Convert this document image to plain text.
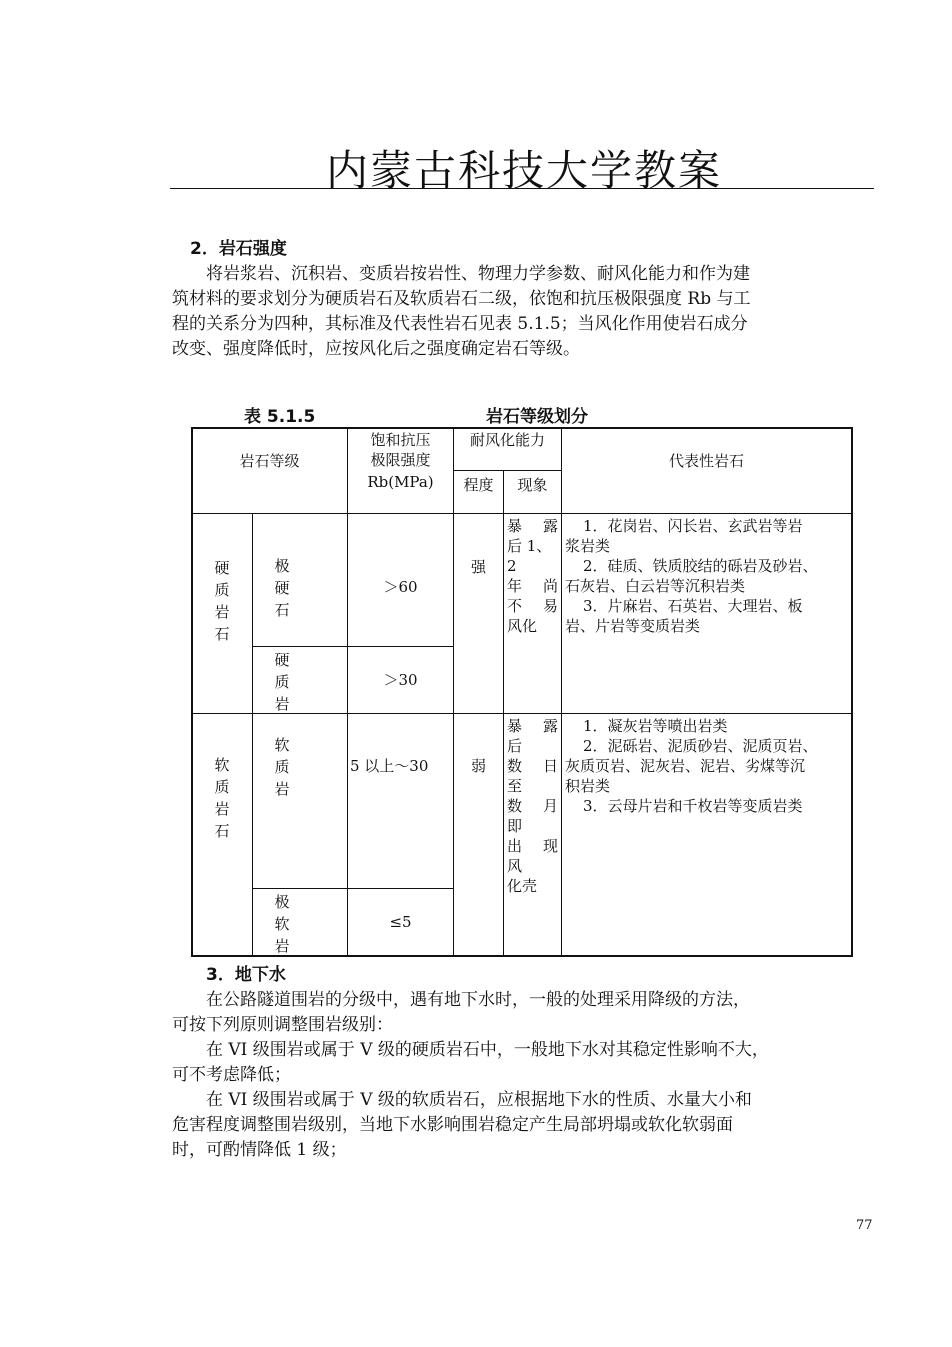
内蒙古科技大学教案
2．岩石强度
将岩浆岩、沉积岩、变质岩按岩性、物理力学参数、耐风化能力和作为建
筑材料的要求划分为硬质岩石及软质岩石二级，依饱和抗压极限强度 Rb 与工
程的关系分为四种，其标准及代表性岩石见表 5.1.5；当风化作用使岩石成分
改变、强度降低时，应按风化后之强度确定岩石等级。
表 5.1.5	岩石等级划分
岩石等级
饱和抗压
极限强度
Rb(MPa)
耐风化能力
程度	现象
代表性岩石
硬
质
岩
石
极
硬
石
＞60
硬
质
岩
＞30
强
暴 露
后 1、2
年 尚
不 易
风化
1．花岗岩、闪长岩、玄武岩等岩
浆岩类
2．硅质、铁质胶结的砾岩及砂岩、
石灰岩、白云岩等沉积岩类
3．片麻岩、石英岩、大理岩、板
岩、片岩等变质岩类
软
质
岩
石
软
质
岩
5 以上～30
极
软
岩
≤5
弱
暴 露
后
数 日
至
数 月
即
出 现
风
化壳
1．凝灰岩等喷出岩类
2．泥砾岩、泥质砂岩、泥质页岩、
灰质页岩、泥灰岩、泥岩、劣煤等沉
积岩类
3．云母片岩和千枚岩等变质岩类
3．地下水
在公路隧道围岩的分级中，遇有地下水时，一般的处理采用降级的方法，
可按下列原则调整围岩级别：
在 VI 级围岩或属于 V 级的硬质岩石中，一般地下水对其稳定性影响不大，
可不考虑降低；
在 VI 级围岩或属于 V 级的软质岩石，应根据地下水的性质、水量大小和
危害程度调整围岩级别，当地下水影响围岩稳定产生局部坍塌或软化软弱面
时，可酌情降低 1 级；
77
